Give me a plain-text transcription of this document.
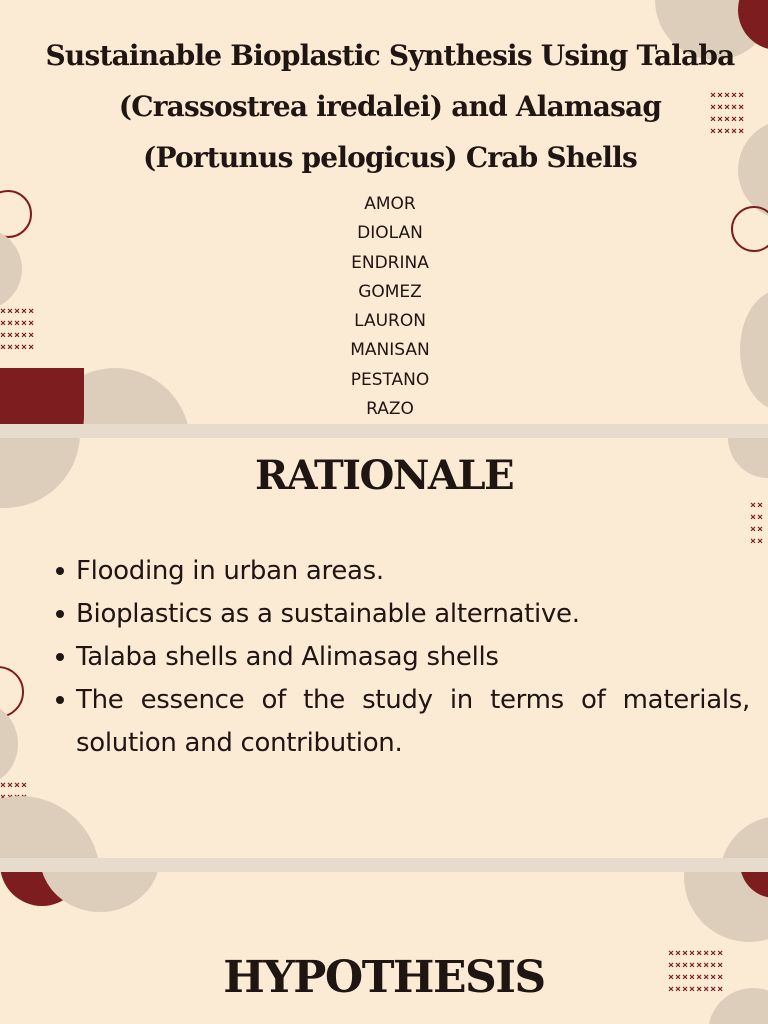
×××××
×××××
×××××
×××××
×××××
×××××
×××××
×××××
Sustainable Bioplastic Synthesis Using Talaba
(Crassostrea iredalei) and Alamasag
(Portunus pelogicus) Crab Shells
AMOR
DIOLAN
ENDRINA
GOMEZ
LAURON
MANISAN
PESTANO
RAZO
××
××
××
××
××××

RATIONALE
Flooding in urban areas.
Bioplastics as a sustainable alternative.
Talaba shells and Alimasag shells
The essence of the study in terms of materials, solution and contribution.
××××××××
××××××××
××××××××
××××××××
HYPOTHESIS
